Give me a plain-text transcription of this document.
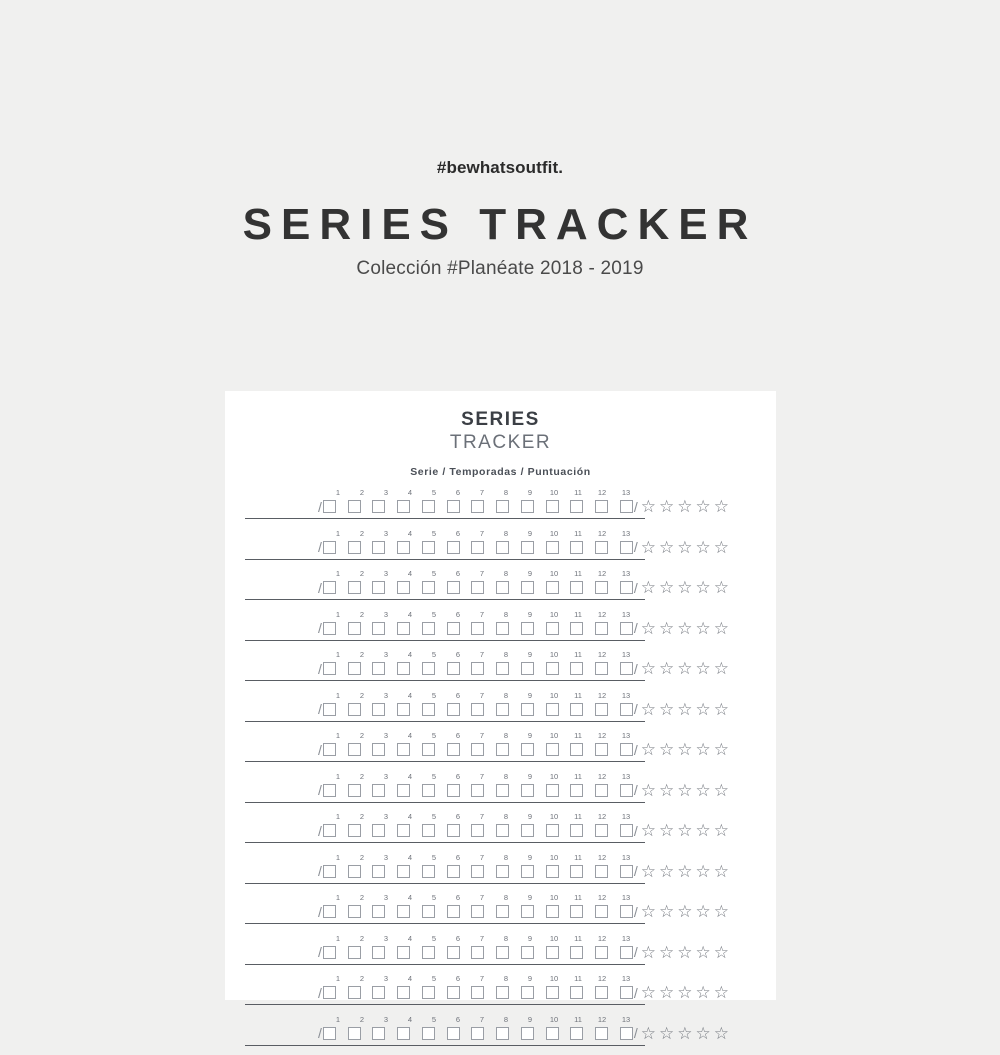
#bewhatsoutfit.
SERIES TRACKER
Colección #Planéate 2018 - 2019
SERIES
TRACKER
Serie / Temporadas / Puntuación
1	2	3	4	5	6	7	8	9	10	11	12	13
/	/ ☆ ☆ ☆ ☆ ☆
1	2	3	4	5	6	7	8	9	10	11	12	13
/	/ ☆ ☆ ☆ ☆ ☆
1	2	3	4	5	6	7	8	9	10	11	12	13
/	/ ☆ ☆ ☆ ☆ ☆
1	2	3	4	5	6	7	8	9	10	11	12	13
/	/ ☆ ☆ ☆ ☆ ☆
1	2	3	4	5	6	7	8	9	10	11	12	13
/	/ ☆ ☆ ☆ ☆ ☆
1	2	3	4	5	6	7	8	9	10	11	12	13
/	/ ☆ ☆ ☆ ☆ ☆
1	2	3	4	5	6	7	8	9	10	11	12	13
/	/ ☆ ☆ ☆ ☆ ☆
1	2	3	4	5	6	7	8	9	10	11	12	13
/	/ ☆ ☆ ☆ ☆ ☆
1	2	3	4	5	6	7	8	9	10	11	12	13
/	/ ☆ ☆ ☆ ☆ ☆
1	2	3	4	5	6	7	8	9	10	11	12	13
/	/ ☆ ☆ ☆ ☆ ☆
1	2	3	4	5	6	7	8	9	10	11	12	13
/	/ ☆ ☆ ☆ ☆ ☆
1	2	3	4	5	6	7	8	9	10	11	12	13
/	/ ☆ ☆ ☆ ☆ ☆
1	2	3	4	5	6	7	8	9	10	11	12	13
/	/ ☆ ☆ ☆ ☆ ☆
1	2	3	4	5	6	7	8	9	10	11	12	13
/	/ ☆ ☆ ☆ ☆ ☆
